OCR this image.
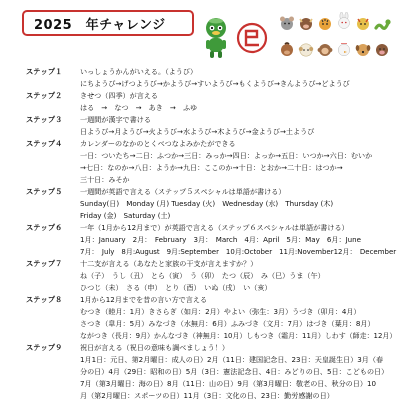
2025　年チャレンジ
ステップ１ いっしょうかんがいえる。（ようび）
にちようび→げつようび→かようび→すいようび→もくようび→きんようび→どようび
ステップ２ きせつ（四季）が言える
はる　→　なつ　→　あき　→　ふゆ
ステップ３ 一週間が漢字で書ける
日ようび→月ようび→火ようび→水ようび→木ようび→金ようび→土ようび
ステップ４ カレンダーのなかのとくべつなよみかたができる
一日：ついたち→二日：ふつか→三日：みっか→四日：よっか→五日：いつか→六日：むいか
→七日：なのか→八日：ようか→九日：ここのか→十日：とおか→二十日：はつか→
三十日：みそか
ステップ５ 一週間が英語で言える（ステップ５スペシャルは単語が書ける）
Sunday(日)　Monday (月) Tuesday (火)　Wednesday (水)　Thursday (木)
Friday (金)　Saturday (土)
ステップ６ 一年（1月から12月まで）が英語で言える（ステップ６スペシャルは単語が書ける）
1月：January　2月：　February　3月：　March　4月：April　5月：May　6月：June
7月：　July　8月:August　9月:September　10月:October　11月:November12月：　December
ステップ７ 十二支が言える（あなたと家族の干支が言えますか？）
ね（子）　うし（丑）　とら（寅）　う（卯）　たつ（辰）　み（巳）うま（午）
ひつじ（未）　さる（申）　とり（酉）　いぬ（戌）　い（亥）
ステップ８ 1月から12月までを昔の言い方で言える
むつき（睦月：1月）きさらぎ（如月：2月）やよい（弥生：3月）うづき（卯月：4月）
さつき（皐月：5月）みなづき（水無月：6月）ふみづき（文月：7月）はづき（葉月：8月）
ながつき（長月：9月）かんなづき（神無月：10月）しもつき（霜月：11月）しわす（師走：12月）
ステップ９ 祝日が言える（祝日の意味も調べましょう！）
1月1日：元日、第2月曜日：成人の日）2月（11日：建国記念日、23日：天皇誕生日）3月（春
分の日）4月（29日：昭和の日）5月（3日：憲法記念日、4日：みどりの日、5日：こどもの日）
7月（第3月曜日：海の日）8月（11日：山の日）9月（第3月曜日：敬老の日、秋分の日）10
月（第2月曜日：スポーツの日）11月（3日：文化の日、23日：勤労感謝の日）
